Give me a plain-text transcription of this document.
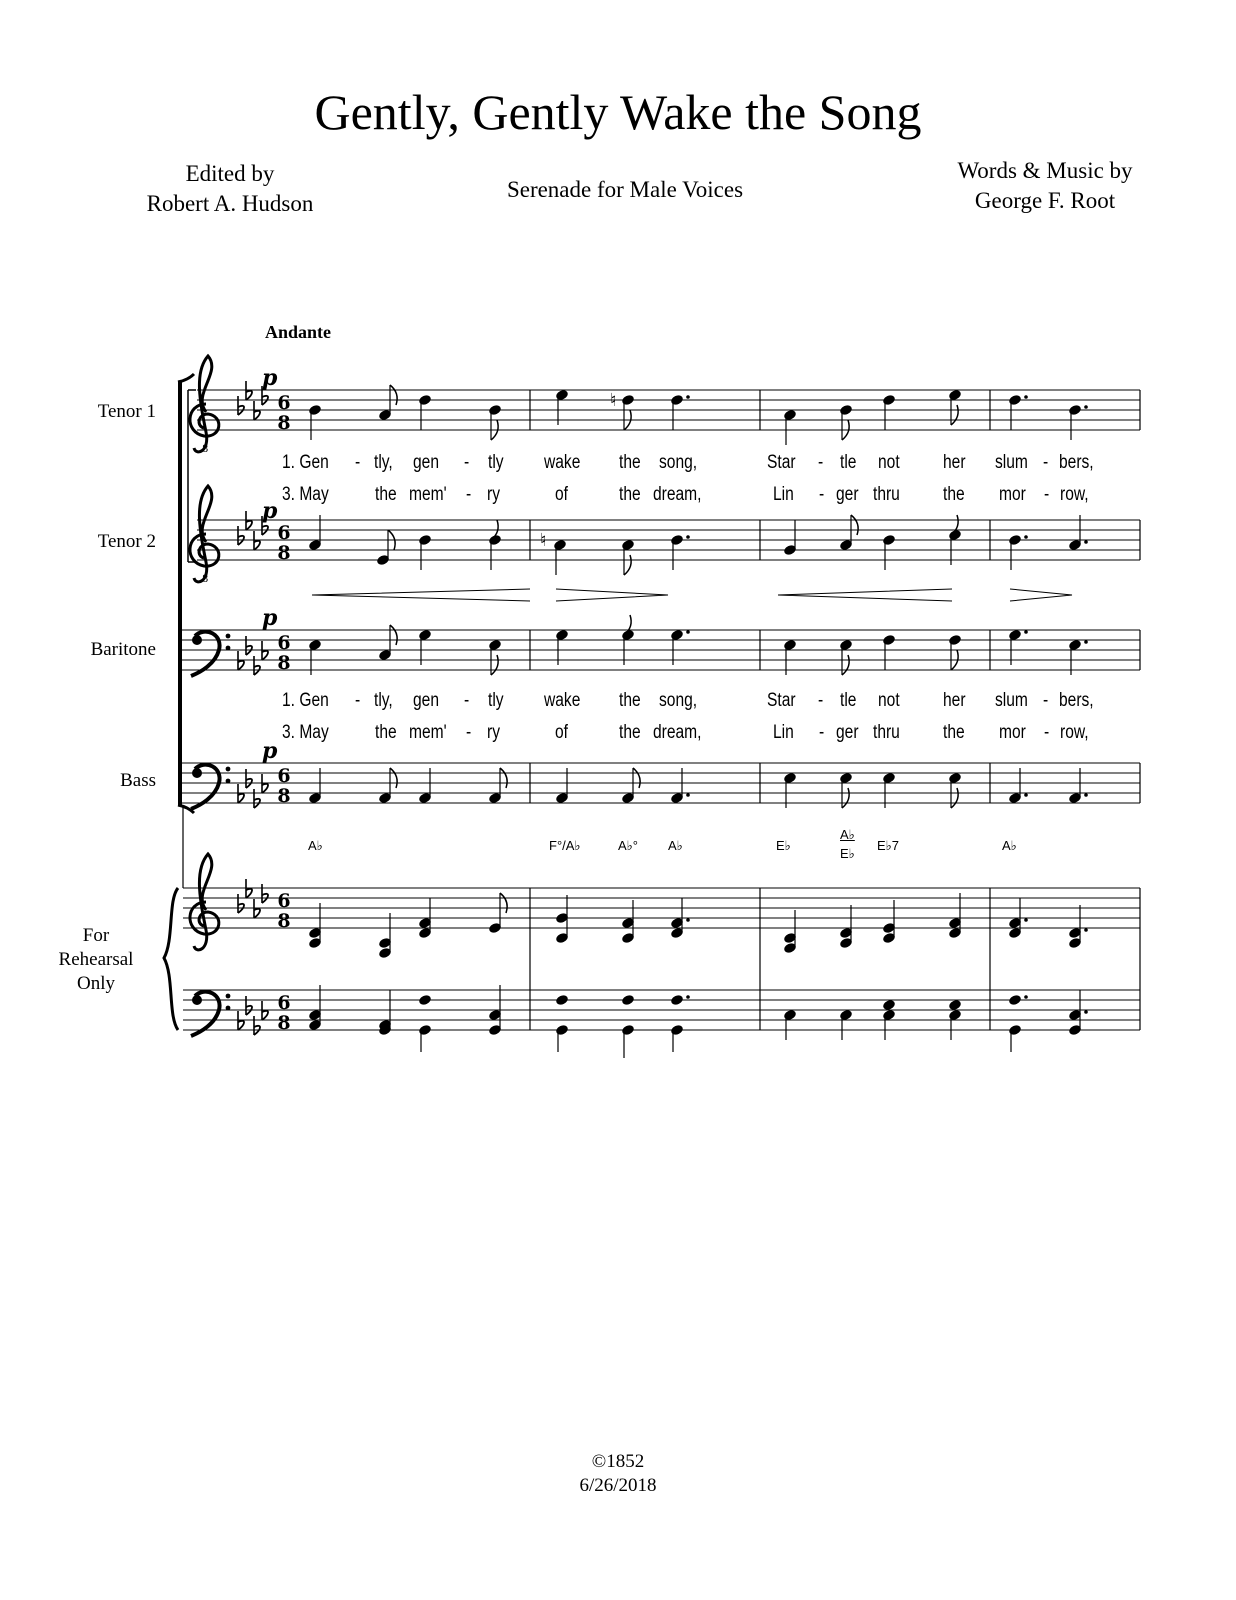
Gently, Gently Wake the Song
Edited by
Robert A. Hudson
Serenade for Male Voices
Words & Music by
George F. Root
Andante
Tenor 1
Tenor 2
Baritone
Bass
For
Rehearsal
Only
8
8
6
8
6
8
6
8
6
8
6
8
6
8
p
p
p
p
♮
♮
1. Gen - tly, gen - tly wake the song,	Star - tle not her slum - bers,
3. May the mem' - ry	of	the dream,	Lin - ger thru the mor - row,
1. Gen - tly, gen - tly wake the song,	Star - tle not her slum - bers,
3. May the mem' - ry	of	the dream,	Lin - ger thru the mor - row,
A♭	F°/A♭	A♭° A♭	E♭
A♭
E♭
E♭7	A♭
©1852
6/26/2018
